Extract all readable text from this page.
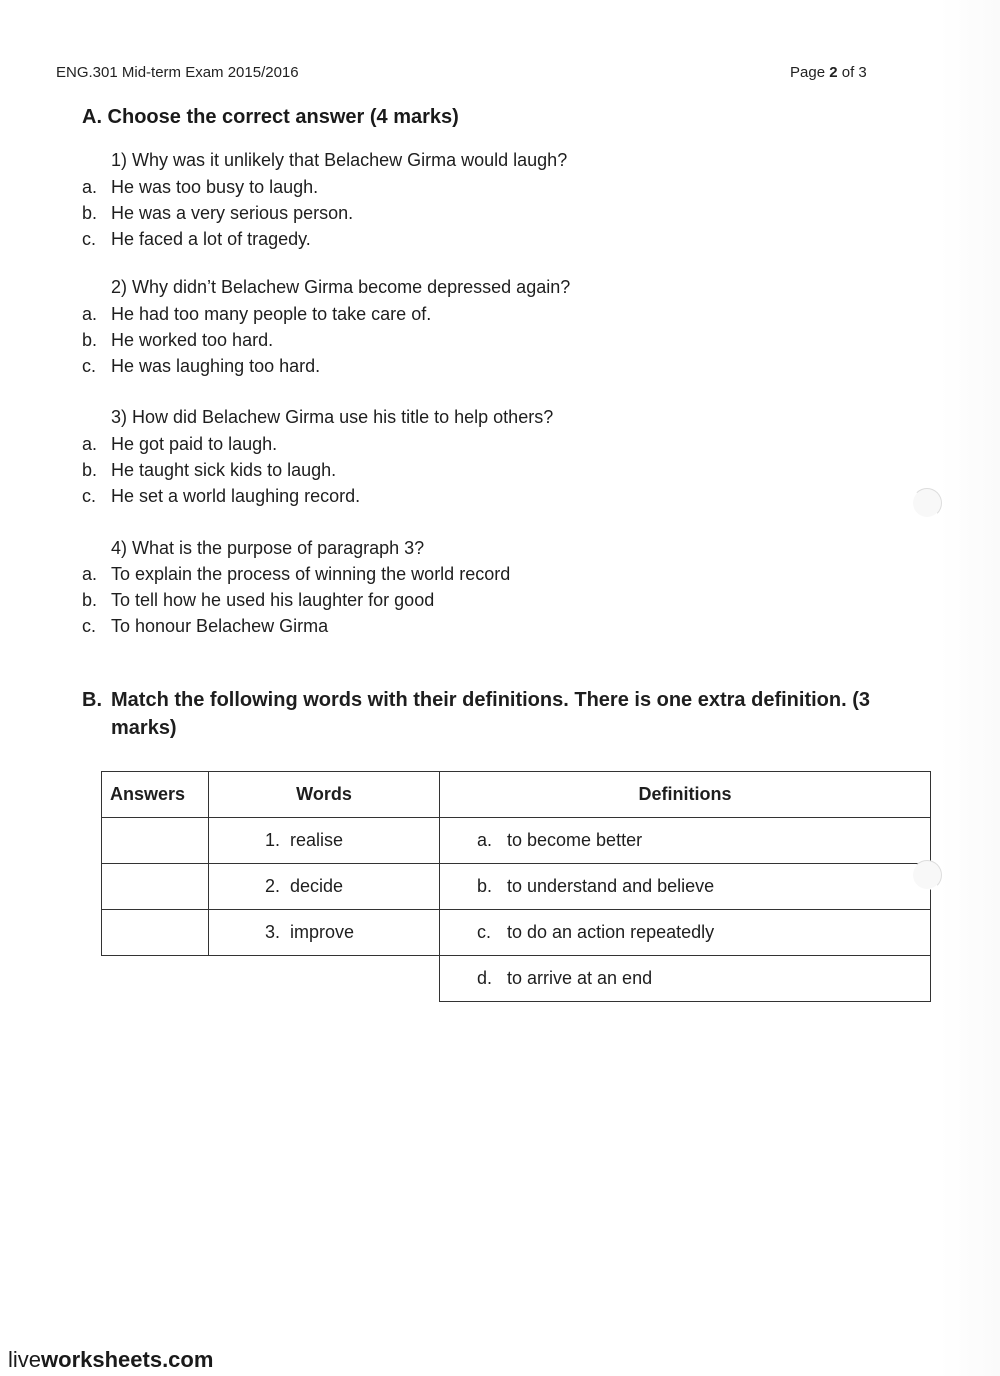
ENG.301 Mid-term Exam 2015/2016	Page 2 of 3

A. Choose the correct answer (4 marks)

1) Why was it unlikely that Belachew Girma would laugh?

a. He was too busy to laugh.

b. He was a very serious person.

c. He faced a lot of tragedy.

2) Why didn’t Belachew Girma become depressed again?

a. He had too many people to take care of.

b. He worked too hard.

c. He was laughing too hard.

3) How did Belachew Girma use his title to help others?

a. He got paid to laugh.

b. He taught sick kids to laugh.

c. He set a world laughing record.

4) What is the purpose of paragraph 3?

a. To explain the process of winning the world record

b. To tell how he used his laughter for good

c. To honour Belachew Girma

B. Match the following words with their definitions. There is one extra definition. (3 marks)
Answers	Words	Definitions
	1. realise	a. to become better
	2. decide	b. to understand and believe
	3. improve	c. to do an action repeatedly
		d. to arrive at an end

liveworksheets.com
